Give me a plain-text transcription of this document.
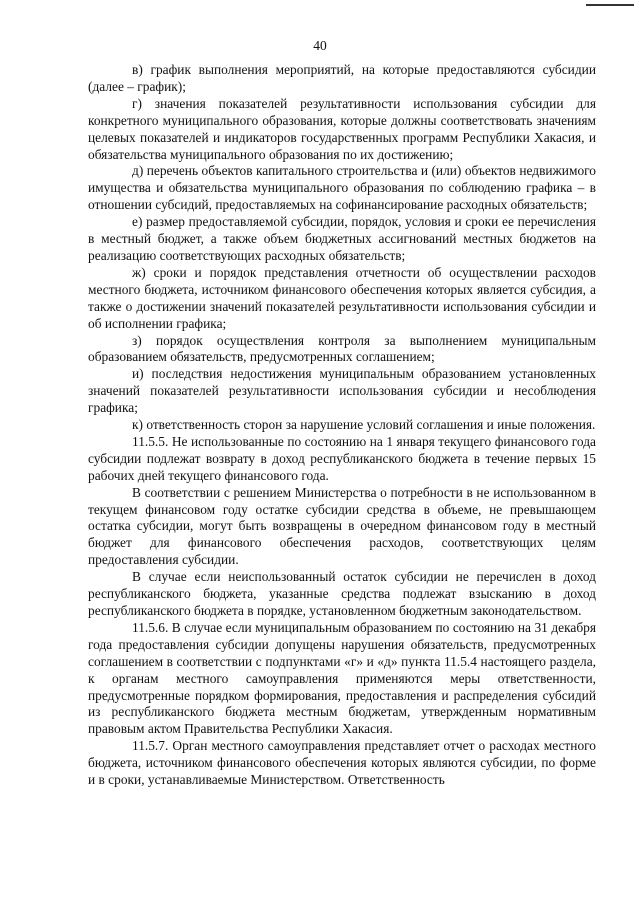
40

в) график выполнения мероприятий, на которые предоставляются субсидии (далее – график);

г) значения показателей результативности использования субсидии для конкретного муниципального образования, которые должны соответствовать значениям целевых показателей и индикаторов государственных программ Республики Хакасия, и обязательства муниципального образования по их достижению;

д) перечень объектов капитального строительства и (или) объектов недвижимого имущества и обязательства муниципального образования по соблюдению графика – в отношении субсидий, предоставляемых на софинансирование расходных обязательств;

е) размер предоставляемой субсидии, порядок, условия и сроки ее перечисления в местный бюджет, а также объем бюджетных ассигнований местных бюджетов на реализацию соответствующих расходных обязательств;

ж) сроки и порядок представления отчетности об осуществлении расходов местного бюджета, источником финансового обеспечения которых является субсидия, а также о достижении значений показателей результативности использования субсидии и об исполнении графика;

з) порядок осуществления контроля за выполнением муниципальным образованием обязательств, предусмотренных соглашением;

и) последствия недостижения муниципальным образованием установленных значений показателей результативности использования субсидии и несоблюдения графика;

к) ответственность сторон за нарушение условий соглашения и иные положения.

11.5.5. Не использованные по состоянию на 1 января текущего финансового года субсидии подлежат возврату в доход республиканского бюджета в течение первых 15 рабочих дней текущего финансового года.

В соответствии с решением Министерства о потребности в не использованном в текущем финансовом году остатке субсидии средства в объеме, не превышающем остатка субсидии, могут быть возвращены в очередном финансовом году в местный бюджет для финансового обеспечения расходов, соответствующих целям предоставления субсидии.

В случае если неиспользованный остаток субсидии не перечислен в доход республиканского бюджета, указанные средства подлежат взысканию в доход республиканского бюджета в порядке, установленном бюджетным законодательством.

11.5.6. В случае если муниципальным образованием по состоянию на 31 декабря года предоставления субсидии допущены нарушения обязательств, предусмотренных соглашением в соответствии с подпунктами «г» и «д» пункта 11.5.4 настоящего раздела, к органам местного самоуправления применяются меры ответственности, предусмотренные порядком формирования, предоставления и распределения субсидий из республиканского бюджета местным бюджетам, утвержденным нормативным правовым актом Правительства Республики Хакасия.

11.5.7. Орган местного самоуправления представляет отчет о расходах местного бюджета, источником финансового обеспечения которых являются субсидии, по форме и в сроки, устанавливаемые Министерством. Ответственность
